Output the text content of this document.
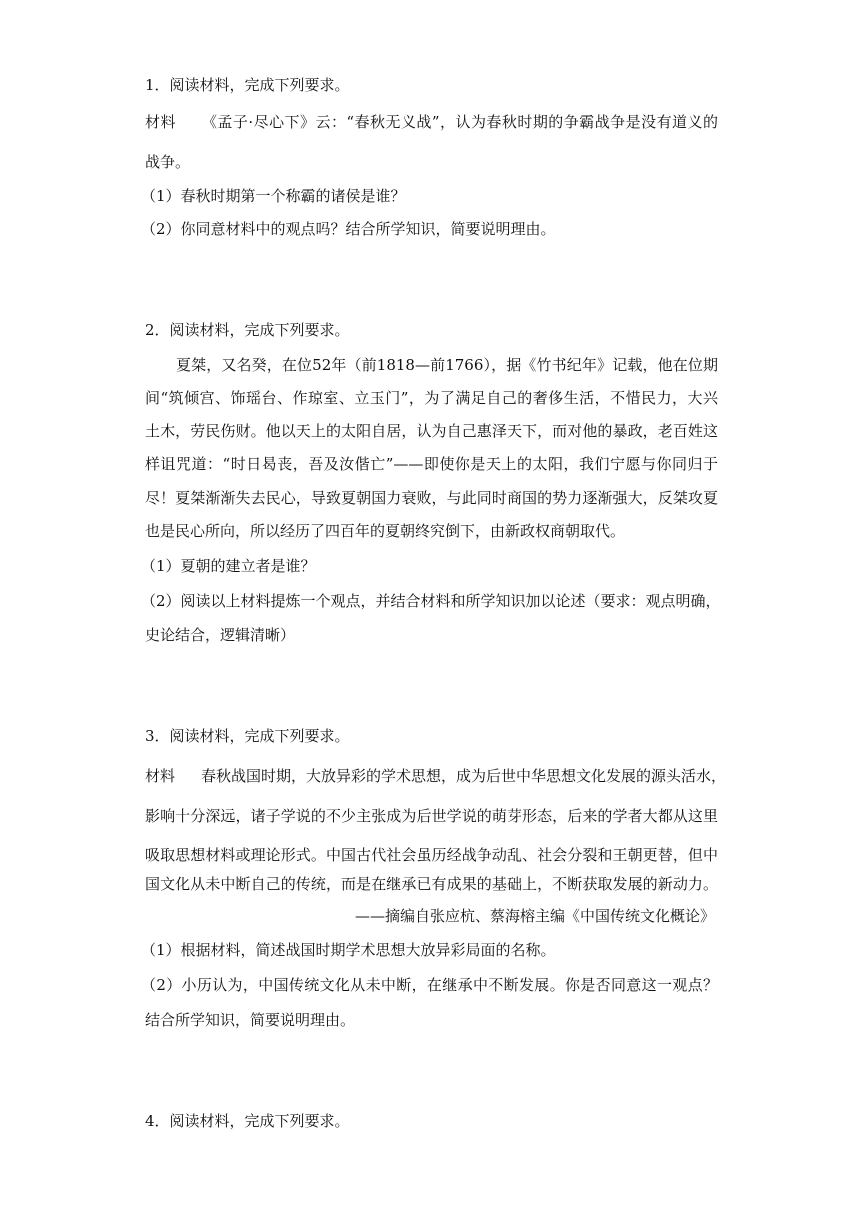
1．阅读材料，完成下列要求。
材料 《孟子·尽心下》云：“春秋无义战”，认为春秋时期的争霸战争是没有道义的
战争。
（1）春秋时期第一个称霸的诸侯是谁？
（2）你同意材料中的观点吗？结合所学知识，简要说明理由。
2．阅读材料，完成下列要求。
夏桀，又名癸，在位52年（前1818—前1766），据《竹书纪年》记载，他在位期
间“筑倾宫、饰瑶台、作琼室、立玉门”，为了满足自己的奢侈生活，不惜民力，大兴
土木，劳民伤财。他以天上的太阳自居，认为自己惠泽天下，而对他的暴政，老百姓这
样诅咒道：“时日曷丧，吾及汝偕亡”——即使你是天上的太阳，我们宁愿与你同归于
尽！夏桀渐渐失去民心，导致夏朝国力衰败，与此同时商国的势力逐渐强大，反桀攻夏
也是民心所向，所以经历了四百年的夏朝终究倒下，由新政权商朝取代。
（1）夏朝的建立者是谁？
（2）阅读以上材料提炼一个观点，并结合材料和所学知识加以论述（要求：观点明确，
史论结合，逻辑清晰）
3．阅读材料，完成下列要求。
材料 春秋战国时期，大放异彩的学术思想，成为后世中华思想文化发展的源头活水，
影响十分深远，诸子学说的不少主张成为后世学说的萌芽形态，后来的学者大都从这里
吸取思想材料或理论形式。中国古代社会虽历经战争动乱、社会分裂和王朝更替，但中
国文化从未中断自己的传统，而是在继承已有成果的基础上，不断获取发展的新动力。
——摘编自张应杭、蔡海榕主编《中国传统文化概论》
（1）根据材料，简述战国时期学术思想大放异彩局面的名称。
（2）小历认为，中国传统文化从未中断，在继承中不断发展。你是否同意这一观点？
结合所学知识，简要说明理由。
4．阅读材料，完成下列要求。
